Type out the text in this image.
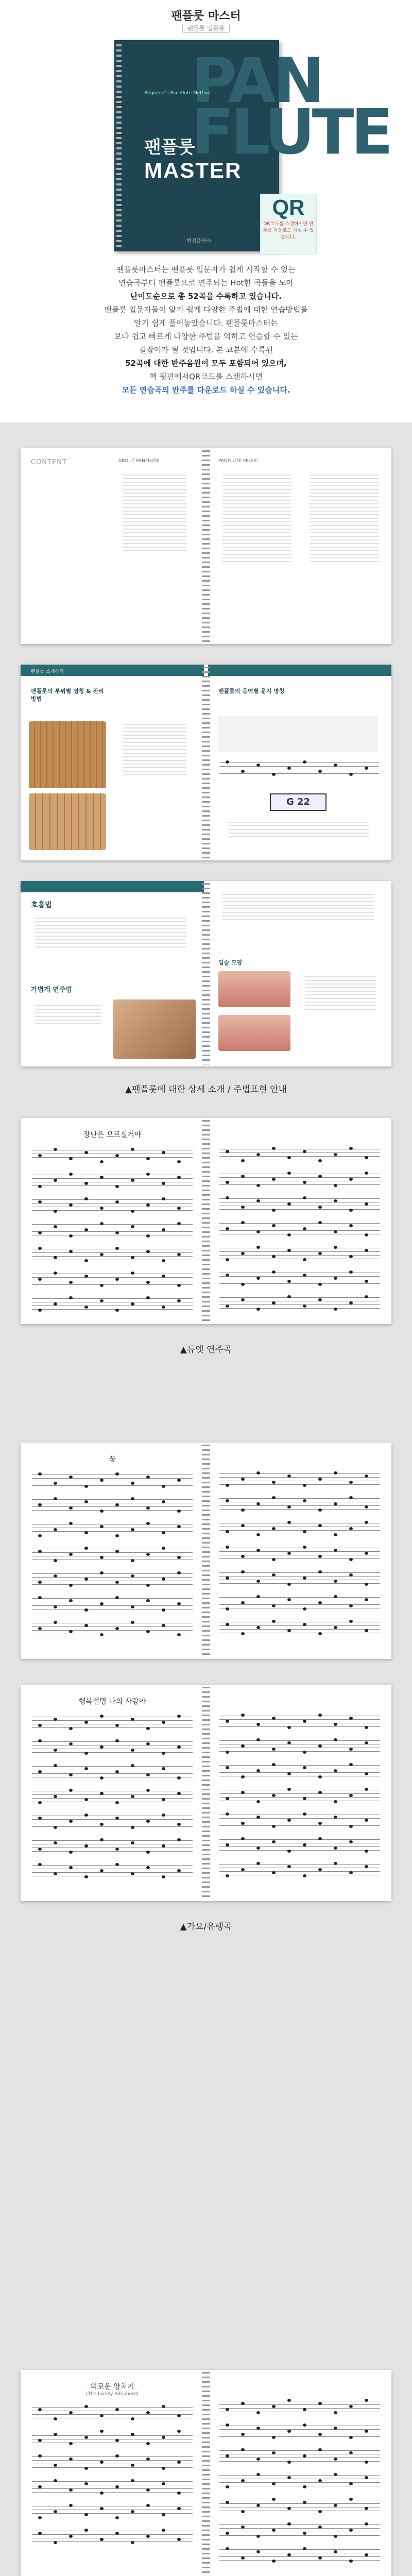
팬플룻 마스터
팬플룻 입문용
PAN FLUTE
Beginner's Pan Flute Method
팬플룻
MASTER
현성출판사
QR
QR코드를 스캔하시면 반주를 다운로드 하실 수 있습니다.
팬플룻마스터는 팬플룻 입문자가 쉽게 시작할 수 있는
연습곡부터 팬플룻으로 연주되는 Hot한 곡들을 모아
난이도순으로 총 52곡을 수록하고 있습니다.
팬플룻 입문자들이 알기 쉽게 다양한 주법에 대한 연습방법을
알기 쉽게 풀어놓았습니다. 팬플룻마스터는
보다 쉽고 빠르게 다양한 주법을 익히고 연습할 수 있는
길잡이가 될 것입니다. 본 교본에 수록된
52곡에 대한 반주음원이 모두 포함되어 있으며,
책 뒷편에서QR코드를 스캔하시면
모든 연습곡의 반주를 다운로드 하실 수 있습니다.
CONTENT	ABOUT PANFLUTE	PANFLUTE MUSIC
팬플룻 소개하기
팬플룻의 부위별 명칭 & 관리방법
팬플룻의 음역별 운지 명칭
G 22
호흡법
가볍게 연주법
입술 모양
▲팬플룻에 대한 상세 소개 / 주법표현 안내
장난은 모르실거야
▲듀엣 연주곡
꿈
행복설명 나의 사랑아
▲가요/유행곡
외로운 양치기
(The Lonely Shepherd)
